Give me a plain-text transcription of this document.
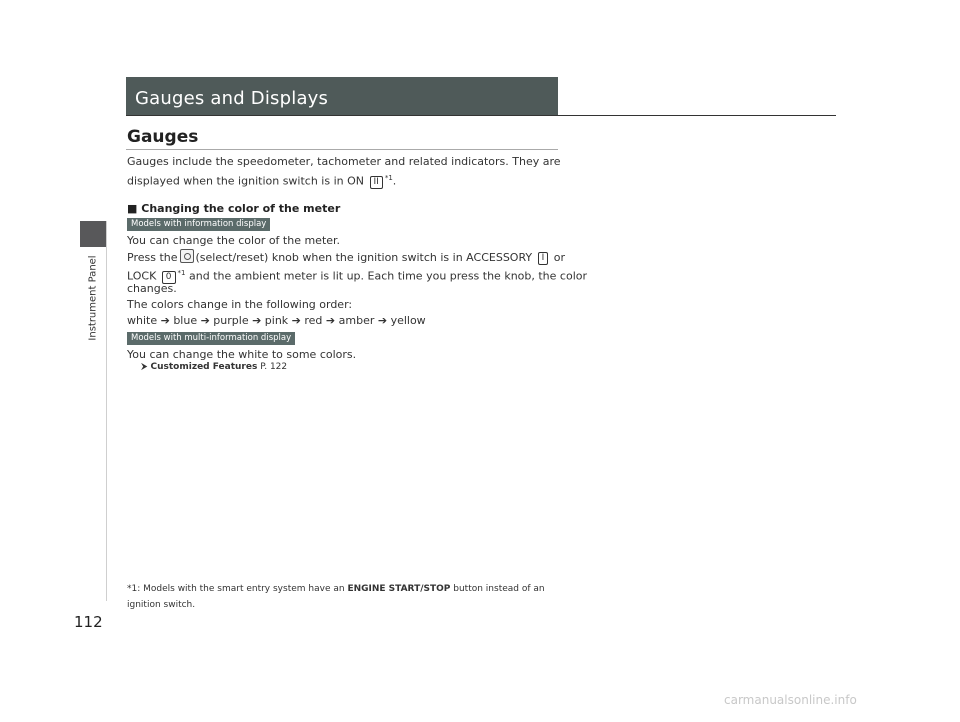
Instrument Panel
112
Gauges and Displays
Gauges
Gauges include the speedometer, tachometer and related indicators. They are
displayed when the ignition switch is in ON II $^{*1}$.
■ Changing the color of the meter
Models with information display
You can change the color of the meter.
Press the (select/reset) knob when the ignition switch is in ACCESSORY I or
LOCK 0 $^{*1}$ and the ambient meter is lit up. Each time you press the knob, the color
changes.
The colors change in the following order:
white ➔ blue ➔ purple ➔ pink ➔ red ➔ amber ➔ yellow
Models with multi-information display
You can change the white to some colors.
⮞ Customized Features P. 122
*1: Models with the smart entry system have an ENGINE START/STOP button instead of an
ignition switch.
carmanualsonline.info
